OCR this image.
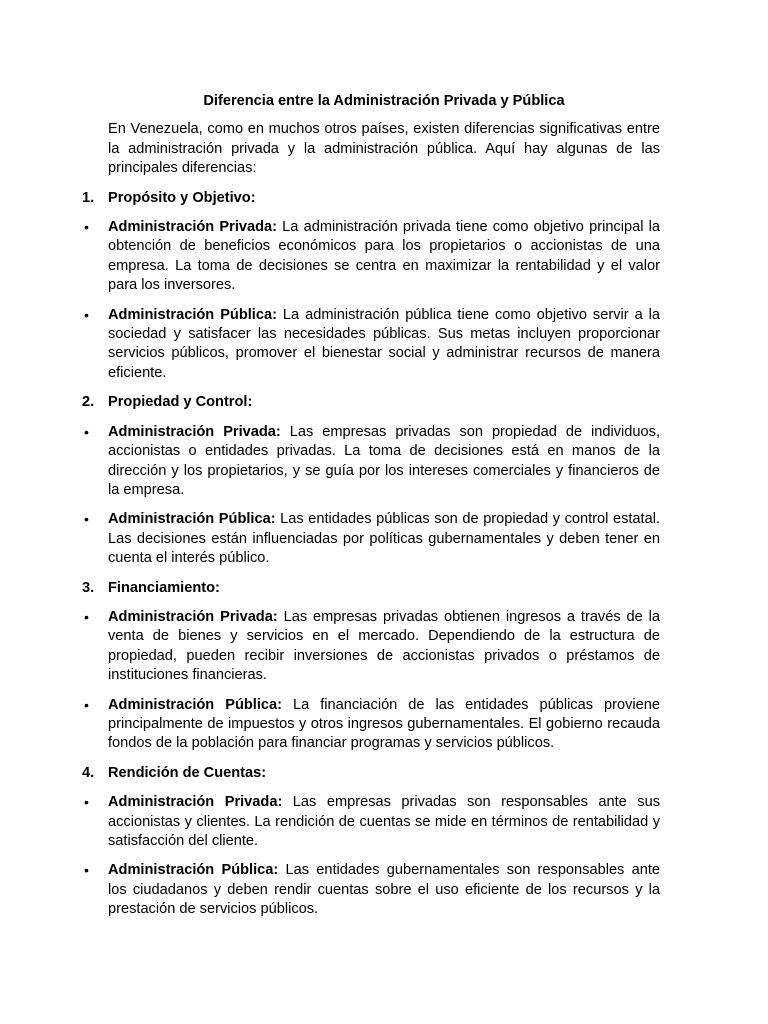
Diferencia entre la Administración Privada y Pública

En Venezuela, como en muchos otros países, existen diferencias significativas entre la administración privada y la administración pública. Aquí hay algunas de las principales diferencias:

1. Propósito y Objetivo:
• Administración Privada: La administración privada tiene como objetivo principal la obtención de beneficios económicos para los propietarios o accionistas de una empresa. La toma de decisiones se centra en maximizar la rentabilidad y el valor para los inversores.
• Administración Pública: La administración pública tiene como objetivo servir a la sociedad y satisfacer las necesidades públicas. Sus metas incluyen proporcionar servicios públicos, promover el bienestar social y administrar recursos de manera eficiente.
2. Propiedad y Control:
• Administración Privada: Las empresas privadas son propiedad de individuos, accionistas o entidades privadas. La toma de decisiones está en manos de la dirección y los propietarios, y se guía por los intereses comerciales y financieros de la empresa.
• Administración Pública: Las entidades públicas son de propiedad y control estatal. Las decisiones están influenciadas por políticas gubernamentales y deben tener en cuenta el interés público.
3. Financiamiento:
• Administración Privada: Las empresas privadas obtienen ingresos a través de la venta de bienes y servicios en el mercado. Dependiendo de la estructura de propiedad, pueden recibir inversiones de accionistas privados o préstamos de instituciones financieras.
• Administración Pública: La financiación de las entidades públicas proviene principalmente de impuestos y otros ingresos gubernamentales. El gobierno recauda fondos de la población para financiar programas y servicios públicos.
4. Rendición de Cuentas:
• Administración Privada: Las empresas privadas son responsables ante sus accionistas y clientes. La rendición de cuentas se mide en términos de rentabilidad y satisfacción del cliente.
• Administración Pública: Las entidades gubernamentales son responsables ante los ciudadanos y deben rendir cuentas sobre el uso eficiente de los recursos y la prestación de servicios públicos.
